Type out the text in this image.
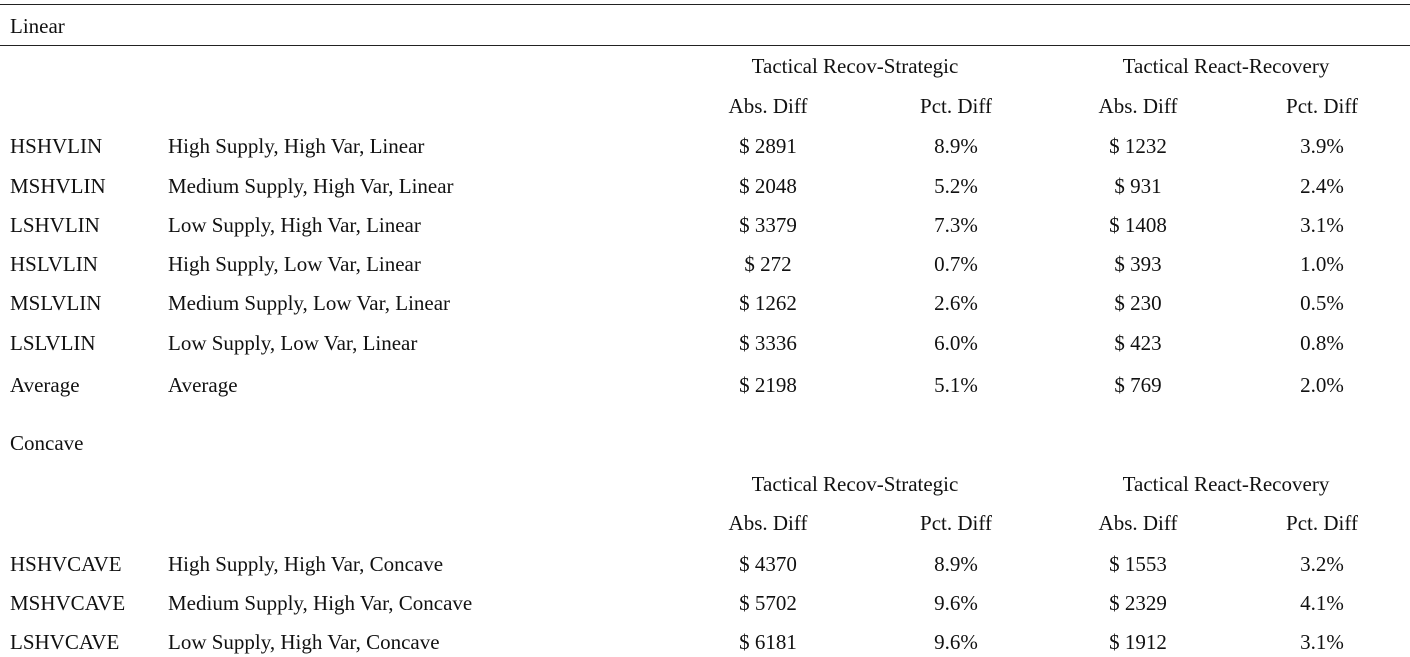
Linear
Tactical Recov-Strategic	Tactical React-Recovery
Abs. Diff	Pct. Diff	Abs. Diff	Pct. Diff
HSHVLIN	High Supply, High Var, Linear	$ 2891	8.9%	$ 1232	3.9%
MSHVLIN	Medium Supply, High Var, Linear	$ 2048	5.2%	$ 931	2.4%
LSHVLIN	Low Supply, High Var, Linear	$ 3379	7.3%	$ 1408	3.1%
HSLVLIN	High Supply, Low Var, Linear	$ 272	0.7%	$ 393	1.0%
MSLVLIN	Medium Supply, Low Var, Linear	$ 1262	2.6%	$ 230	0.5%
LSLVLIN	Low Supply, Low Var, Linear	$ 3336	6.0%	$ 423	0.8%
Average	Average	$ 2198	5.1%	$ 769	2.0%
Concave
Tactical Recov-Strategic	Tactical React-Recovery
Abs. Diff	Pct. Diff	Abs. Diff	Pct. Diff
HSHVCAVE High Supply, High Var, Concave	$ 4370	8.9%	$ 1553	3.2%
MSHVCAVE Medium Supply, High Var, Concave	$ 5702	9.6%	$ 2329	4.1%
LSHVCAVE Low Supply, High Var, Concave	$ 6181	9.6%	$ 1912	3.1%
